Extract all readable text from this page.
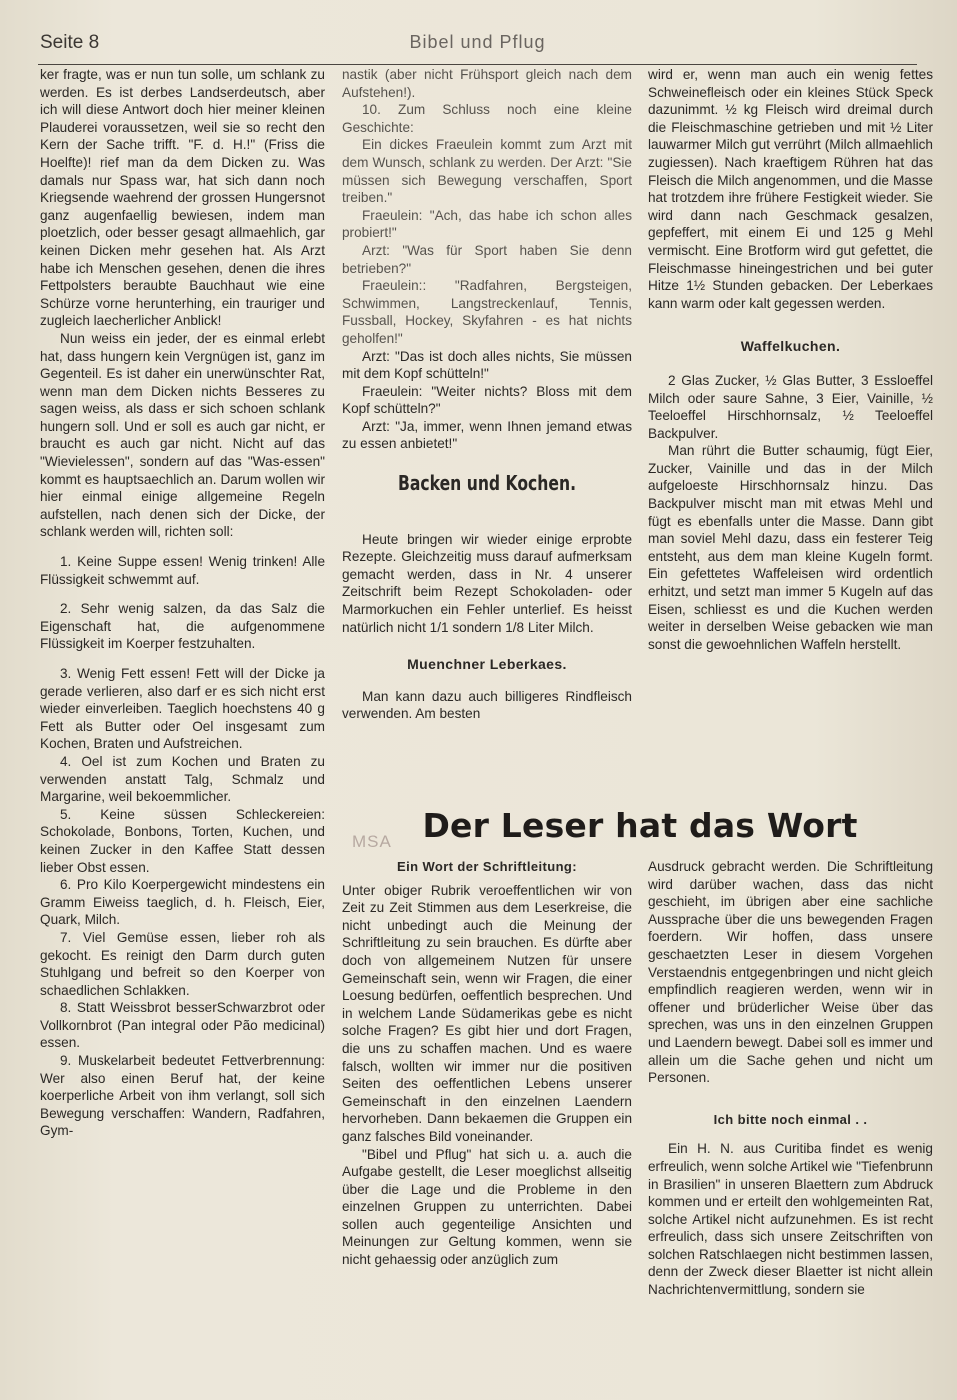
Seite 8	Bibel und Pflug

ker fragte, was er nun tun solle, um schlank zu werden. Es ist derbes Landserdeutsch, aber ich will diese Antwort doch hier meiner kleinen Plauderei voraussetzen, weil sie so recht den Kern der Sache trifft. "F. d. H.!" (Friss die Hoelfte)! rief man da dem Dicken zu. Was damals nur Spass war, hat sich dann noch Kriegsende waehrend der grossen Hungersnot ganz augenfaellig bewiesen, indem man ploetzlich, oder besser gesagt allmaehlich, gar keinen Dicken mehr gesehen hat. Als Arzt habe ich Menschen gesehen, denen die ihres Fettpolsters beraubte Bauchhaut wie eine Schürze vorne herunterhing, ein trauriger und zugleich laecherlicher Anblick!

Nun weiss ein jeder, der es einmal erlebt hat, dass hungern kein Vergnügen ist, ganz im Gegenteil. Es ist daher ein unerwünschter Rat, wenn man dem Dicken nichts Besseres zu sagen weiss, als dass er sich schoen schlank hungern soll. Und er soll es auch gar nicht, er braucht es auch gar nicht. Nicht auf das "Wievielessen", sondern auf das "Was-essen" kommt es hauptsaechlich an. Darum wollen wir hier einmal einige allgemeine Regeln aufstellen, nach denen sich der Dicke, der schlank werden will, richten soll:

1. Keine Suppe essen! Wenig trinken! Alle Flüssigkeit schwemmt auf.

2. Sehr wenig salzen, da das Salz die Eigenschaft hat, die aufgenommene Flüssigkeit im Koerper festzuhalten.

3. Wenig Fett essen! Fett will der Dicke ja gerade verlieren, also darf er es sich nicht erst wieder einverleiben. Taeglich hoechstens 40 g Fett als Butter oder Oel insgesamt zum Kochen, Braten und Aufstreichen.

4. Oel ist zum Kochen und Braten zu verwenden anstatt Talg, Schmalz und Margarine, weil bekoemmlicher.

5. Keine süssen Schleckereien: Schokolade, Bonbons, Torten, Kuchen, und keinen Zucker in den Kaffee Statt dessen lieber Obst essen.

6. Pro Kilo Koerpergewicht mindestens ein Gramm Eiweiss taeglich, d. h. Fleisch, Eier, Quark, Milch.

7. Viel Gemüse essen, lieber roh als gekocht. Es reinigt den Darm durch guten Stuhlgang und befreit so den Koerper von schaedlichen Schlakken.

8. Statt Weissbrot besserSchwarzbrot oder Vollkornbrot (Pan integral oder Pão medicinal) essen.

9. Muskelarbeit bedeutet Fettverbrennung: Wer also einen Beruf hat, der keine koerperliche Arbeit von ihm verlangt, soll sich Bewegung verschaffen: Wandern, Radfahren, Gym-

nastik (aber nicht Frühsport gleich nach dem Aufstehen!).

10. Zum Schluss noch eine kleine Geschichte:

Ein dickes Fraeulein kommt zum Arzt mit dem Wunsch, schlank zu werden. Der Arzt: "Sie müssen sich Bewegung verschaffen, Sport treiben."

Fraeulein: "Ach, das habe ich schon alles probiert!"

Arzt: "Was für Sport haben Sie denn betrieben?"

Fraeulein:: "Radfahren, Bergsteigen, Schwimmen, Langstreckenlauf, Tennis, Fussball, Hockey, Skyfahren - es hat nichts geholfen!"

Arzt: "Das ist doch alles nichts, Sie müssen mit dem Kopf schütteln!"

Fraeulein: "Weiter nichts? Bloss mit dem Kopf schütteln?"

Arzt: "Ja, immer, wenn Ihnen jemand etwas zu essen anbietet!"

Backen und Kochen.

Heute bringen wir wieder einige erprobte Rezepte. Gleichzeitig muss darauf aufmerksam gemacht werden, dass in Nr. 4 unserer Zeitschrift beim Rezept Schokoladen- oder Marmorkuchen ein Fehler unterlief. Es heisst natürlich nicht 1/1 sondern 1/8 Liter Milch.

Muenchner Leberkaes.

Man kann dazu auch billigeres Rindfleisch verwenden. Am besten

wird er, wenn man auch ein wenig fettes Schweinefleisch oder ein kleines Stück Speck dazunimmt. ½ kg Fleisch wird dreimal durch die Fleischmaschine getrieben und mit ½ Liter lauwarmer Milch gut verrührt (Milch allmaehlich zugiessen). Nach kraeftigem Rühren hat das Fleisch die Milch angenommen, und die Masse hat trotzdem ihre frühere Festigkeit wieder. Sie wird dann nach Geschmack gesalzen, gepfeffert, mit einem Ei und 125 g Mehl vermischt. Eine Brotform wird gut gefettet, die Fleischmasse hineingestrichen und bei guter Hitze 1½ Stunden gebacken. Der Leberkaes kann warm oder kalt gegessen werden.

Waffelkuchen.

2 Glas Zucker, ½ Glas Butter, 3 Essloeffel Milch oder saure Sahne, 3 Eier, Vainille, ½ Teeloeffel Hirschhornsalz, ½ Teeloeffel Backpulver.

Man rührt die Butter schaumig, fügt Eier, Zucker, Vainille und das in der Milch aufgeloeste Hirschhornsalz hinzu. Das Backpulver mischt man mit etwas Mehl und fügt es ebenfalls unter die Masse. Dann gibt man soviel Mehl dazu, dass ein festerer Teig entsteht, aus dem man kleine Kugeln formt. Ein gefettetes Waffeleisen wird ordentlich erhitzt, und setzt man immer 5 Kugeln auf das Eisen, schliesst es und die Kuchen werden weiter in derselben Weise gebacken wie man sonst die gewoehnlichen Waffeln herstellt.

Der Leser hat das Wort
MSA

Ein Wort der Schriftleitung:

Unter obiger Rubrik veroeffentlichen wir von Zeit zu Zeit Stimmen aus dem Leserkreise, die nicht unbedingt auch die Meinung der Schriftleitung zu sein brauchen. Es dürfte aber doch von allgemeinem Nutzen für unsere Gemeinschaft sein, wenn wir Fragen, die einer Loesung bedürfen, oeffentlich besprechen. Und in welchem Lande Südamerikas gebe es nicht solche Fragen? Es gibt hier und dort Fragen, die uns zu schaffen machen. Und es waere falsch, wollten wir immer nur die positiven Seiten des oeffentlichen Lebens unserer Gemeinschaft in den einzelnen Laendern hervorheben. Dann bekaemen die Gruppen ein ganz falsches Bild voneinander.

"Bibel und Pflug" hat sich u. a. auch die Aufgabe gestellt, die Leser moeglichst allseitig über die Lage und die Probleme in den einzelnen Gruppen zu unterrichten. Dabei sollen auch gegenteilige Ansichten und Meinungen zur Geltung kommen, wenn sie nicht gehaessig oder anzüglich zum

Ausdruck gebracht werden. Die Schriftleitung wird darüber wachen, dass das nicht geschieht, im übrigen aber eine sachliche Aussprache über die uns bewegenden Fragen foerdern. Wir hoffen, dass unsere geschaetzten Leser in diesem Vorgehen Verstaendnis entgegenbringen und nicht gleich empfindlich reagieren werden, wenn wir in offener und brüderlicher Weise über das sprechen, was uns in den einzelnen Gruppen und Laendern bewegt. Dabei soll es immer und allein um die Sache gehen und nicht um Personen.

Ich bitte noch einmal . .

Ein H. N. aus Curitiba findet es wenig erfreulich, wenn solche Artikel wie "Tiefenbrunn in Brasilien" in unseren Blaettern zum Abdruck kommen und er erteilt den wohlgemeinten Rat, solche Artikel nicht aufzunehmen. Es ist recht erfreulich, dass sich unsere Zeitschriften von solchen Ratschlaegen nicht bestimmen lassen, denn der Zweck dieser Blaetter ist nicht allein Nachrichtenvermittlung, sondern sie
